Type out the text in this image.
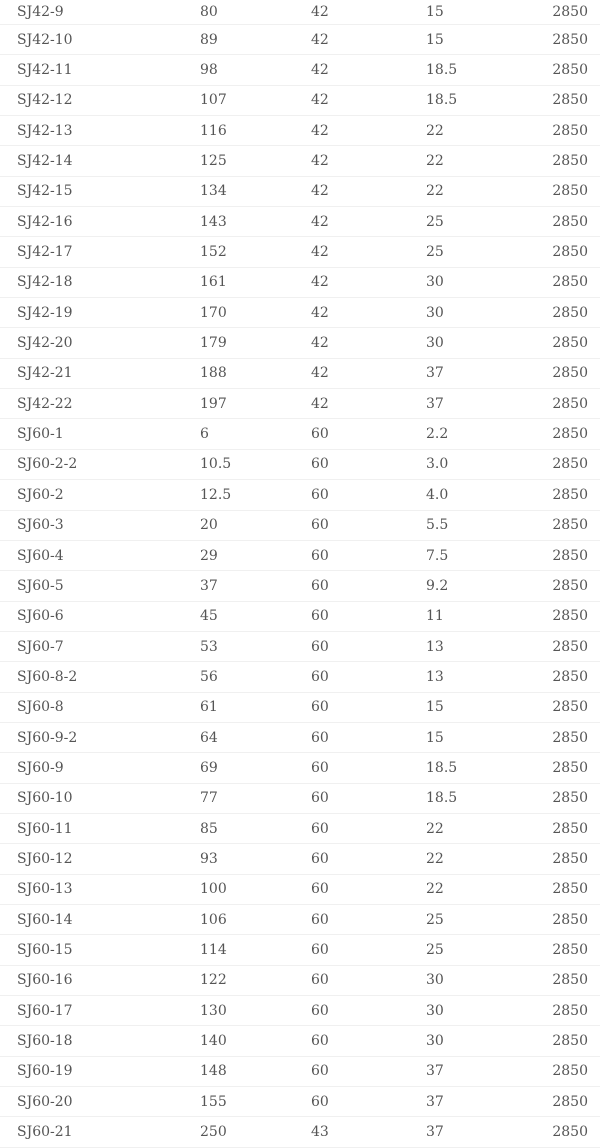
SJ42-9	80	42	15	2850
SJ42-10	89	42	15	2850
SJ42-11	98	42	18.5	2850
SJ42-12	107	42	18.5	2850
SJ42-13	116	42	22	2850
SJ42-14	125	42	22	2850
SJ42-15	134	42	22	2850
SJ42-16	143	42	25	2850
SJ42-17	152	42	25	2850
SJ42-18	161	42	30	2850
SJ42-19	170	42	30	2850
SJ42-20	179	42	30	2850
SJ42-21	188	42	37	2850
SJ42-22	197	42	37	2850
SJ60-1	6	60	2.2	2850
SJ60-2-2	10.5	60	3.0	2850
SJ60-2	12.5	60	4.0	2850
SJ60-3	20	60	5.5	2850
SJ60-4	29	60	7.5	2850
SJ60-5	37	60	9.2	2850
SJ60-6	45	60	11	2850
SJ60-7	53	60	13	2850
SJ60-8-2	56	60	13	2850
SJ60-8	61	60	15	2850
SJ60-9-2	64	60	15	2850
SJ60-9	69	60	18.5	2850
SJ60-10	77	60	18.5	2850
SJ60-11	85	60	22	2850
SJ60-12	93	60	22	2850
SJ60-13	100	60	22	2850
SJ60-14	106	60	25	2850
SJ60-15	114	60	25	2850
SJ60-16	122	60	30	2850
SJ60-17	130	60	30	2850
SJ60-18	140	60	30	2850
SJ60-19	148	60	37	2850
SJ60-20	155	60	37	2850
SJ60-21	250	43	37	2850
